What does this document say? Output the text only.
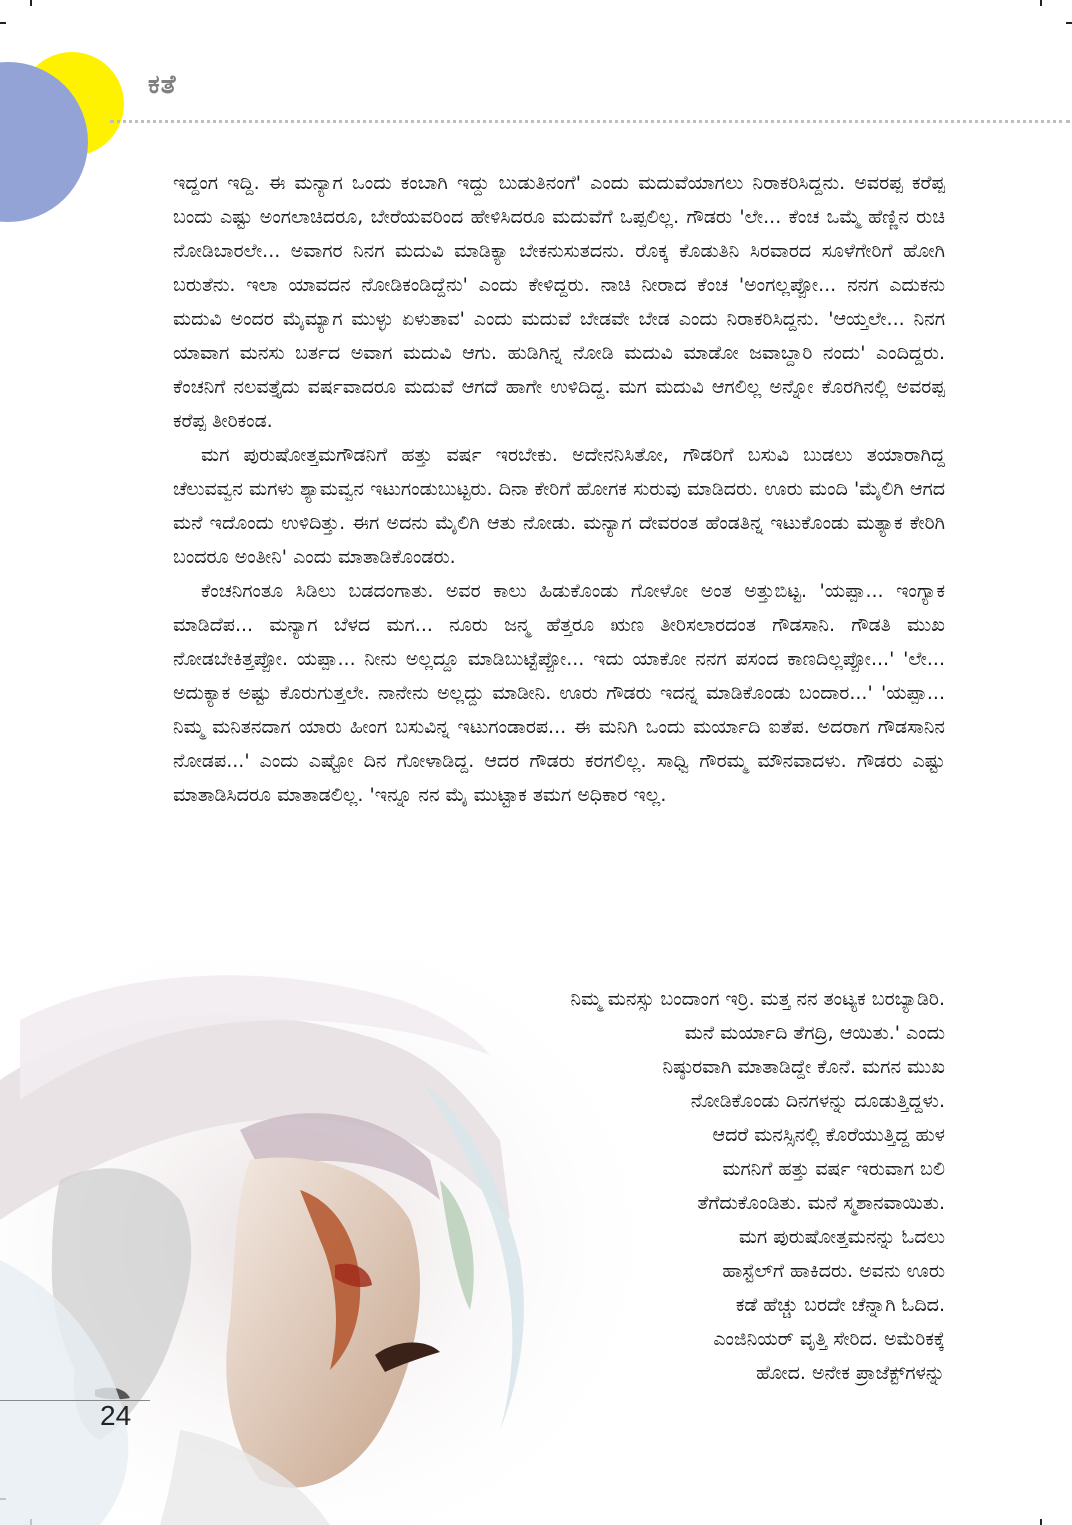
ಕತೆ

ಇದ್ದಂಗ ಇದ್ದಿ. ಈ ಮನ್ಯಾಗ ಒಂದು ಕಂಬಾಗಿ ಇದ್ದು ಬುಡುತಿನಂಗೆ' ಎಂದು ಮದುವೆಯಾಗಲು ನಿರಾಕರಿಸಿದ್ದನು. ಅವರಪ್ಪ ಕರೆಪ್ಪ ಬಂದು ಎಷ್ಟು ಅಂಗಲಾಚಿದರೂ, ಬೇರೆಯವರಿಂದ ಹೇಳಿಸಿದರೂ ಮದುವೆಗೆ ಒಪ್ಪಲಿಲ್ಲ. ಗೌಡರು 'ಲೇ... ಕೆಂಚ ಒಮ್ಮೆ ಹೆಣ್ಣಿನ ರುಚಿ ನೋಡಿಬಾರಲೇ... ಅವಾಗರ ನಿನಗ ಮದುವಿ ಮಾಡಿಕ್ಯಾ ಬೇಕನುಸುತದನು. ರೊಕ್ಕ ಕೊಡುತಿನಿ ಸಿರವಾರದ ಸೂಳೆಗೇರಿಗೆ ಹೋಗಿ ಬರುತೆನು. ಇಲಾ ಯಾವದನ ನೋಡಿಕಂಡಿದ್ದೆನು' ಎಂದು ಕೇಳಿದ್ದರು. ನಾಚಿ ನೀರಾದ ಕೆಂಚ 'ಅಂಗಲ್ಲಪ್ಪೋ... ನನಗ ಎದುಕನು ಮದುವಿ ಅಂದರ ಮೈಮ್ಯಾಗ ಮುಳ್ಳು ಏಳುತಾವ' ಎಂದು ಮದುವೆ ಬೇಡವೇ ಬೇಡ ಎಂದು ನಿರಾಕರಿಸಿದ್ದನು. 'ಆಯ್ತಲೇ... ನಿನಗ ಯಾವಾಗ ಮನಸು ಬರ್ತದ ಅವಾಗ ಮದುವಿ ಆಗು. ಹುಡಿಗಿನ್ನ ನೋಡಿ ಮದುವಿ ಮಾಡೋ ಜವಾಬ್ದಾರಿ ನಂದು' ಎಂದಿದ್ದರು. ಕೆಂಚನಿಗೆ ನಲವತ್ತೈದು ವರ್ಷವಾದರೂ ಮದುವೆ ಆಗದೆ ಹಾಗೇ ಉಳಿದಿದ್ದ. ಮಗ ಮದುವಿ ಆಗಲಿಲ್ಲ ಅನ್ನೋ ಕೊರಗಿನಲ್ಲಿ ಅವರಪ್ಪ ಕರೆಪ್ಪ ತೀರಿಕಂಡ.

ಮಗ ಪುರುಷೋತ್ತಮಗೌಡನಿಗೆ ಹತ್ತು ವರ್ಷ ಇರಬೇಕು. ಅದೇನನಿಸಿತೋ, ಗೌಡರಿಗೆ ಬಸುವಿ ಬುಡಲು ತಯಾರಾಗಿದ್ದ ಚೆಲುವವ್ವನ ಮಗಳು ಶ್ಯಾಮವ್ವನ ಇಟುಗಂಡುಬುಟ್ಟರು. ದಿನಾ ಕೇರಿಗೆ ಹೋಗಕ ಸುರುವು ಮಾಡಿದರು. ಊರು ಮಂದಿ 'ಮೈಲಿಗಿ ಆಗದ ಮನೆ ಇದೊಂದು ಉಳಿದಿತ್ತು. ಈಗ ಅದನು ಮೈಲಿಗಿ ಆತು ನೋಡು. ಮನ್ಯಾಗ ದೇವರಂತ ಹೆಂಡತಿನ್ನ ಇಟುಕೊಂಡು ಮತ್ಯಾಕ ಕೇರಿಗಿ ಬಂದರೂ ಅಂತೀನಿ' ಎಂದು ಮಾತಾಡಿಕೊಂಡರು.

ಕೆಂಚನಿಗಂತೂ ಸಿಡಿಲು ಬಡದಂಗಾತು. ಅವರ ಕಾಲು ಹಿಡುಕೊಂಡು ಗೋಳೋ ಅಂತ ಅತ್ತುಬಿಟ್ಟ. 'ಯಪ್ಪಾ... ಇಂಗ್ಯಾಕ ಮಾಡಿದೆಪ... ಮನ್ಯಾಗ ಬೆಳದ ಮಗ... ನೂರು ಜನ್ಮ ಹೆತ್ತರೂ ಋಣ ತೀರಿಸಲಾರದಂತ ಗೌಡಸಾನಿ. ಗೌಡತಿ ಮುಖ ನೋಡಬೇಕಿತ್ತಪ್ಪೋ. ಯಪ್ಪಾ... ನೀನು ಅಲ್ಲದ್ದೂ ಮಾಡಿಬುಟ್ಟೆಪ್ಪೋ... ಇದು ಯಾಕೋ ನನಗ ಪಸಂದ ಕಾಣದಿಲ್ಲಪ್ಪೋ...' 'ಲೇ... ಅದುಕ್ಯಾಕ ಅಷ್ಟು ಕೊರುಗುತ್ತಲೇ. ನಾನೇನು ಅಲ್ಲದ್ದು ಮಾಡೀನಿ. ಊರು ಗೌಡರು ಇದನ್ನ ಮಾಡಿಕೊಂಡು ಬಂದಾರ...' 'ಯಪ್ಪಾ... ನಿಮ್ಮ ಮನಿತನದಾಗ ಯಾರು ಹೀಂಗ ಬಸುವಿನ್ನ ಇಟುಗಂಡಾರಪ... ಈ ಮನಿಗಿ ಒಂದು ಮರ್ಯಾದಿ ಐತೆಪ. ಅದರಾಗ ಗೌಡಸಾನಿನ ನೋಡಪ...' ಎಂದು ಎಷ್ಟೋ ದಿನ ಗೋಳಾಡಿದ್ದ. ಆದರ ಗೌಡರು ಕರಗಲಿಲ್ಲ. ಸಾಧ್ವಿ ಗೌರಮ್ಮ ಮೌನವಾದಳು. ಗೌಡರು ಎಷ್ಟು ಮಾತಾಡಿಸಿದರೂ ಮಾತಾಡಲಿಲ್ಲ. 'ಇನ್ನೂ ನನ ಮೈ ಮುಟ್ಟಾಕ ತಮಗ ಅಧಿಕಾರ ಇಲ್ಲ.

ನಿಮ್ಮ ಮನಸ್ಸು ಬಂದಾಂಗ ಇರ್ರಿ. ಮತ್ತ ನನ ತಂಟ್ಯಕ ಬರಬ್ಯಾಡಿರಿ.
ಮನೆ ಮರ್ಯಾದಿ ತೆಗದ್ರಿ, ಆಯಿತು.' ಎಂದು
ನಿಷ್ಠುರವಾಗಿ ಮಾತಾಡಿದ್ದೇ ಕೊನೆ. ಮಗನ ಮುಖ
ನೋಡಿಕೊಂಡು ದಿನಗಳನ್ನು ದೂಡುತ್ತಿದ್ದಳು.
ಆದರೆ ಮನಸ್ಸಿನಲ್ಲಿ ಕೊರೆಯುತ್ತಿದ್ದ ಹುಳ
ಮಗನಿಗೆ ಹತ್ತು ವರ್ಷ ಇರುವಾಗ ಬಲಿ
ತೆಗೆದುಕೊಂಡಿತು. ಮನೆ ಸ್ಮಶಾನವಾಯಿತು.
ಮಗ ಪುರುಷೋತ್ತಮನನ್ನು ಓದಲು
ಹಾಸ್ಟೆಲ್‌ಗೆ ಹಾಕಿದರು. ಅವನು ಊರು
ಕಡೆ ಹೆಚ್ಚು ಬರದೇ ಚೆನ್ನಾಗಿ ಓದಿದ.
ಎಂಜಿನಿಯರ್ ವೃತ್ತಿ ಸೇರಿದ. ಅಮೆರಿಕಕ್ಕೆ
ಹೋದ. ಅನೇಕ ಪ್ರಾಜೆಕ್ಟ್‌ಗಳನ್ನು
24
